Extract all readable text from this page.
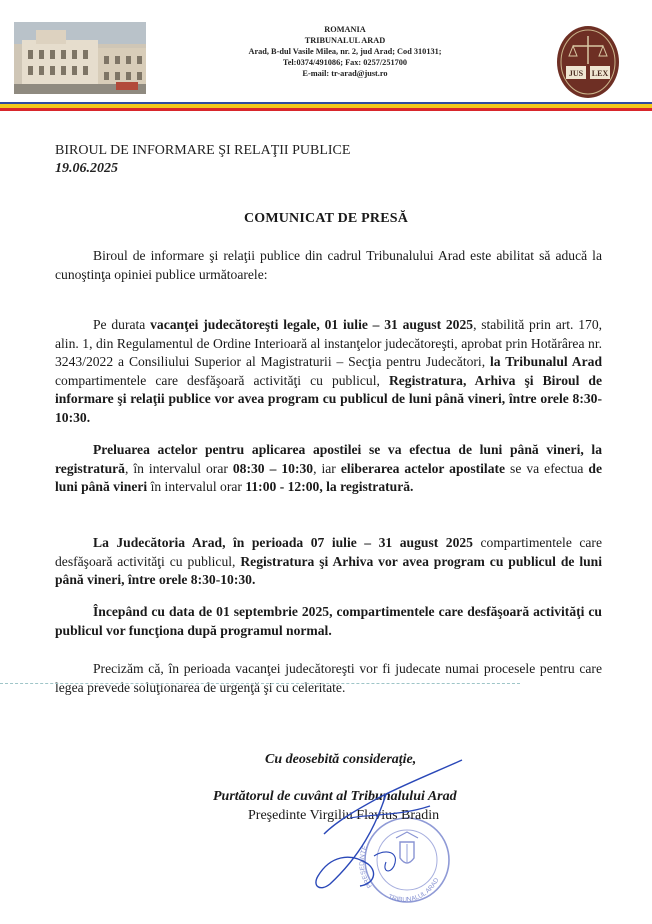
ROMANIA
TRIBUNALUL ARAD
Arad, B-dul Vasile Milea, nr. 2, jud Arad; Cod 310131;
Tel:0374/491086; Fax: 0257/251700
E-mail: tr-arad@just.ro	JUS LEX
BIROUL DE INFORMARE ŞI RELAŢII PUBLICE
19.06.2025
COMUNICAT DE PRESĂ

Biroul de informare şi relaţii publice din cadrul Tribunalului Arad este abilitat să aducă la cunoştinţa opiniei publice următoarele:

Pe durata vacanţei judecătoreşti legale, 01 iulie – 31 august 2025, stabilită prin art. 170, alin. 1, din Regulamentul de Ordine Interioară al instanţelor judecătoreşti, aprobat prin Hotărârea nr. 3243/2022 a Consiliului Superior al Magistraturii – Secţia pentru Judecători, la Tribunalul Arad compartimentele care desfăşoară activităţi cu publicul, Registratura, Arhiva şi Biroul de informare şi relaţii publice vor avea program cu publicul de luni până vineri, între orele 8:30-10:30.

Preluarea actelor pentru aplicarea apostilei se va efectua de luni până vineri, la registratură, în intervalul orar 08:30 – 10:30, iar eliberarea actelor apostilate se va efectua de luni până vineri în intervalul orar 11:00 - 12:00, la registratură.

La Judecătoria Arad, în perioada 07 iulie – 31 august 2025 compartimentele care desfăşoară activităţi cu publicul, Registratura şi Arhiva vor avea program cu publicul de luni până vineri, între orele 8:30-10:30.

Începând cu data de 01 septembrie 2025, compartimentele care desfăşoară activităţi cu publicul vor funcţiona după programul normal.

Precizăm că, în perioada vacanţei judecătoreşti vor fi judecate numai procesele pentru care legea prevede soluţionarea de urgenţă şi cu celeritate.

PREŞEDINTE
TRIBUNALUL ARAD
Cu deosebită consideraţie,
Purtătorul de cuvânt al Tribunalului Arad
Preşedinte Virgiliu Flavius Bradin
